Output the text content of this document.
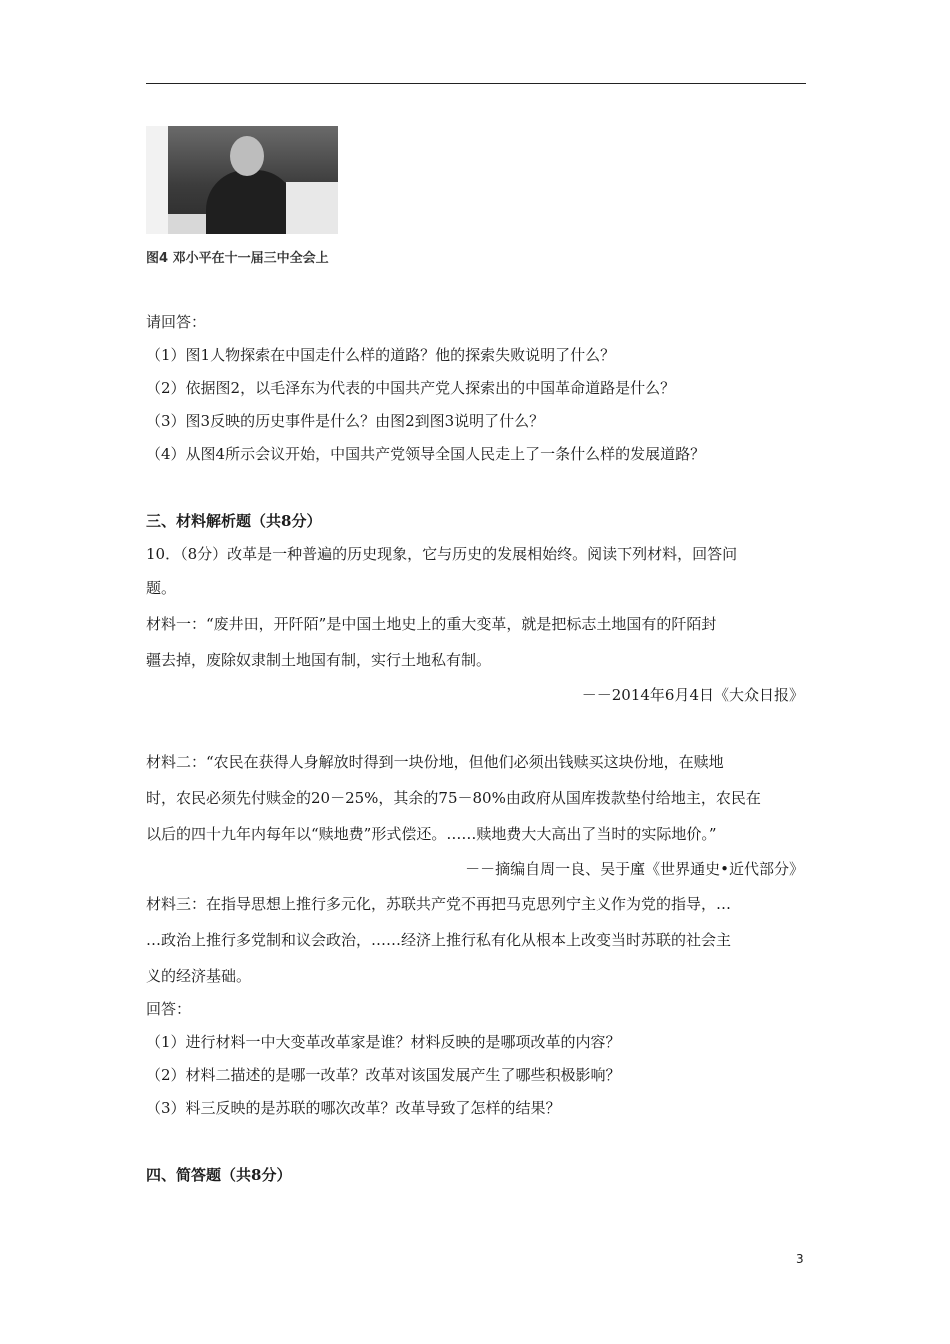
图4 邓小平在十一届三中全会上
请回答：
（1）图1人物探索在中国走什么样的道路？他的探索失败说明了什么？
（2）依据图2，以毛泽东为代表的中国共产党人探索出的中国革命道路是什么？
（3）图3反映的历史事件是什么？由图2到图3说明了什么？
（4）从图4所示会议开始，中国共产党领导全国人民走上了一条什么样的发展道路？
三、材料解析题（共8分）
10．（8分）改革是一种普遍的历史现象，它与历史的发展相始终。阅读下列材料，回答问
题。
材料一：“废井田，开阡陌”是中国土地史上的重大变革，就是把标志土地国有的阡陌封
疆去掉，废除奴隶制土地国有制，实行土地私有制。
－－2014年6月4日《大众日报》
材料二：“农民在获得人身解放时得到一块份地，但他们必须出钱赎买这块份地，在赎地
时，农民必须先付赎金的20－25%，其余的75－80%由政府从国库拨款垫付给地主，农民在
以后的四十九年内每年以“赎地费”形式偿还。……赎地费大大高出了当时的实际地价。”
－－摘编自周一良、吴于廑《世界通史•近代部分》
材料三：在指导思想上推行多元化，苏联共产党不再把马克思列宁主义作为党的指导，…
…政治上推行多党制和议会政治，……经济上推行私有化从根本上改变当时苏联的社会主
义的经济基础。
回答：
（1）进行材料一中大变革改革家是谁？材料反映的是哪项改革的内容？
（2）材料二描述的是哪一改革？改革对该国发展产生了哪些积极影响？
（3）料三反映的是苏联的哪次改革？改革导致了怎样的结果？
四、简答题（共8分）
3
